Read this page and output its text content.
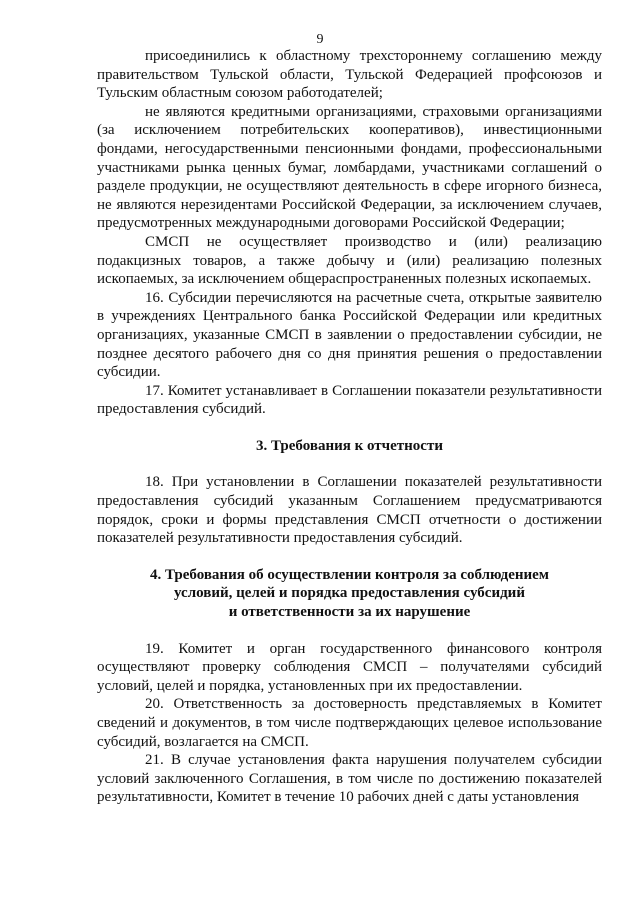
9

присоединились к областному трехстороннему соглашению между правительством Тульской области, Тульской Федерацией профсоюзов и Тульским областным союзом работодателей;

не являются кредитными организациями, страховыми организациями (за исключением потребительских кооперативов), инвестиционными фондами, негосударственными пенсионными фондами, профессиональными участниками рынка ценных бумаг, ломбардами, участниками соглашений о разделе продукции, не осуществляют деятельность в сфере игорного бизнеса, не являются нерезидентами Российской Федерации, за исключением случаев, предусмотренных международными договорами Российской Федерации;

СМСП не осуществляет производство и (или) реализацию подакцизных товаров, а также добычу и (или) реализацию полезных ископаемых, за исключением общераспространенных полезных ископаемых.

16. Субсидии перечисляются на расчетные счета, открытые заявителю в учреждениях Центрального банка Российской Федерации или кредитных организациях, указанные СМСП в заявлении о предоставлении субсидии, не позднее десятого рабочего дня со дня принятия решения о предоставлении субсидии.

17. Комитет устанавливает в Соглашении показатели результативности предоставления субсидий.

3. Требования к отчетности

18. При установлении в Соглашении показателей результативности предоставления субсидий указанным Соглашением предусматриваются порядок, сроки и формы представления СМСП отчетности о достижении показателей результативности предоставления субсидий.

4. Требования об осуществлении контроля за соблюдением
условий, целей и порядка предоставления субсидий
и ответственности за их нарушение

19. Комитет и орган государственного финансового контроля осуществляют проверку соблюдения СМСП – получателями субсидий условий, целей и порядка, установленных при их предоставлении.

20. Ответственность за достоверность представляемых в Комитет сведений и документов, в том числе подтверждающих целевое использование субсидий, возлагается на СМСП.

21. В случае установления факта нарушения получателем субсидии условий заключенного Соглашения, в том числе по достижению показателей результативности, Комитет в течение 10 рабочих дней с даты установления
